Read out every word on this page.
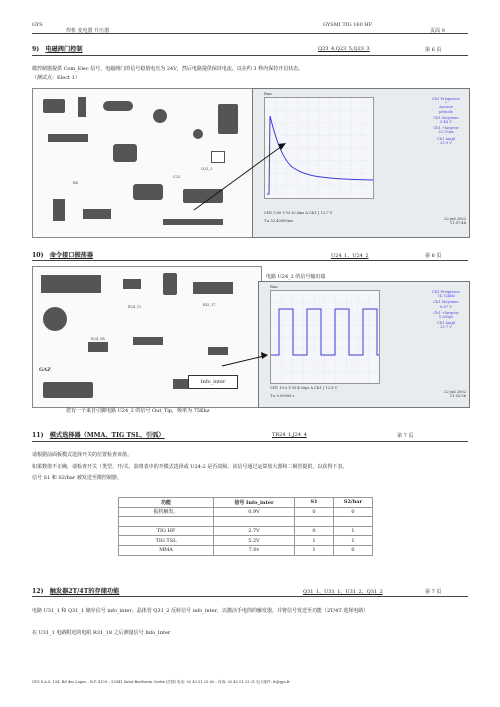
GYS
焊机 变电器 升压器
GYSMI TIG 160 HF
页面 9
9) 电磁阀门控制	Q23_4,Q23_5,Q23_3	第 6 页
微控制器提供 Com_Elec 信号，电磁阀门的信号稳值电压为 24V，然后电路提供保持电流，以在约 3 秒内保持开启状态。
（测试点：Elect 1）
Q23_3
C25
R4
Run
Ch1 Fréquence
?
Aucune
période
Ch1 Moyenne
5.48 V
Ch1 +largeur
23.75ms
Ch1 Ampl
25.9 V
CH1 5.00 V M 20.0ms A Ch1 ∫ 12.7 V
T ▸ 52.40000ms	22 juil 2002
11:57:46
10) 命令接口振荡器	U24_1、U24_2	第 6 页
GAZ
R24_12
R24_1B
RI3_17
Info_inter
电路 U24_2 的信号输出端
Run
Ch1 Fréquence
74.72kHz
Ch1 Moyenne
6.67 V
Ch1 +largeur
5.565μs
Ch1 Ampl
23.7 V
CH1 10.0 V M 4.00μs A Ch1 ∫ 12.8 V
T ▸ 0.00000 s
22 juil 2002
11:53:56
您有一个来自引脚电路 U24_2 的信号 Out_Tip，频率为 75Khz
11) 模式选择器（MMA、TIG TSL、引弧）	TR24_1,J24_4	第 7 页
请根据前面板模式选择开关的位置检查该值。
如果数值不正确，请检查开关（类型、开/关、款将表中的开模式选择或 U24-2 是否故障。该信号通过运算放大器和二极管提供，以获得下表。
信号 S1 和 S2/bar 被发送至微控制器。
功能	信号 Info_inter	S1	S2/bar
振机触发。	0.9V	0	0

TIG HF	2.7V	0	1
TIG TSL	5.2V	1	1
MMA	7.0v	1	0
12) 触发器2T/4T的存储功能	Q31_1、U31_1、U31_2、Q31_2	第 7 页
电路 U31_1 和 Q31_1 储存信号 info_inter。晶体管 Q31_2 反转信号 info_inter，以激活手电筒的触发器，并将信号发送至功能（2T/4T 选择电路）
在 U31_1 电路附近的电阻 R31_18 之后测量信号 Info_Inter
GYS S.A.S. 134, Bd des Loges – B.P. 4159 – 53941 Saint-Berthevin Cedex (法国) 电话: 02 43 01 23 60 – 传真: 02 43 01 23 21 电子邮件: fr@gys.fr
